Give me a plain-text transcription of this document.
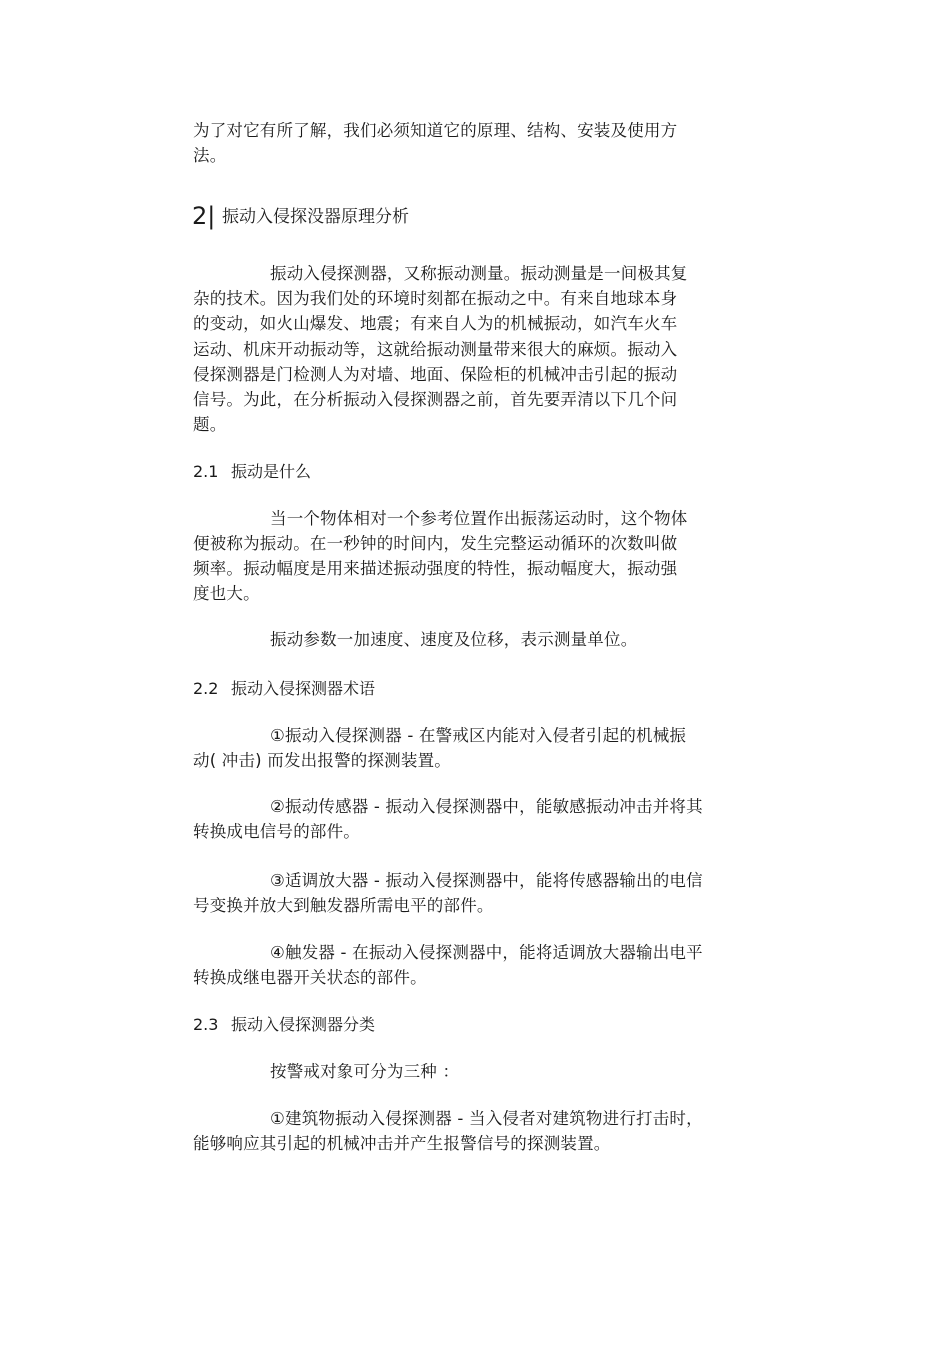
为了对它有所了解，我们必须知道它的原理、结构、安装及使用方
法。
2| 振动入侵探没器原理分析
振动入侵探测器，又称振动测量。振动测量是一间极其复
杂的技术。因为我们处的环境时刻都在振动之中。有来自地球本身
的变动，如火山爆发、地震；有来自人为的机械振动，如汽车火车
运动、机床开动振动等，这就给振动测量带来很大的麻烦。振动入
侵探测器是门检测人为对墙、地面、保险柜的机械冲击引起的振动
信号。为此，在分析振动入侵探测器之前，首先要弄清以下几个问
题。
2.1 振动是什么
当一个物体相对一个参考位置作出振荡运动时，这个物体
便被称为振动。在一秒钟的时间内，发生完整运动循环的次数叫做
频率。振动幅度是用来描述振动强度的特性，振动幅度大，振动强
度也大。
振动参数一加速度、速度及位移，表示测量单位。
2.2 振动入侵探测器术语
①振动入侵探测器 - 在警戒区内能对入侵者引起的机械振
动( 冲击) 而发出报警的探测装置。
②振动传感器 - 振动入侵探测器中，能敏感振动冲击并将其
转换成电信号的部件。
③适调放大器 - 振动入侵探测器中，能将传感器输出的电信
号变换并放大到触发器所需电平的部件。
④触发器 - 在振动入侵探测器中，能将适调放大器输出电平
转换成继电器开关状态的部件。
2.3 振动入侵探测器分类
按警戒对象可分为三种 ：
①建筑物振动入侵探测器 - 当入侵者对建筑物进行打击时，
能够响应其引起的机械冲击并产生报警信号的探测装置。
